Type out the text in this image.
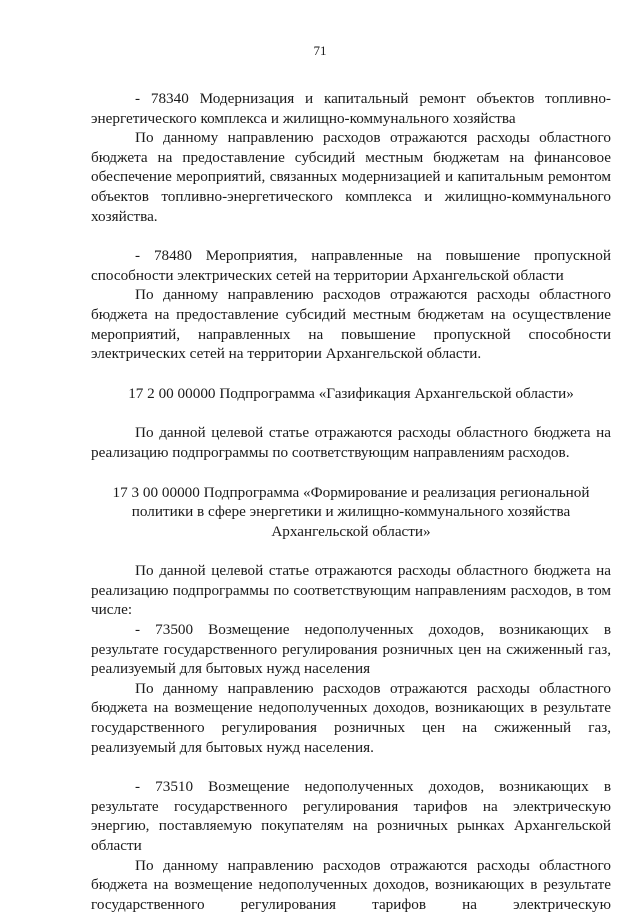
71

- 78340 Модернизация и капитальный ремонт объектов топливно-энергетического комплекса и жилищно-коммунального хозяйства

По данному направлению расходов отражаются расходы областного бюджета на предоставление субсидий местным бюджетам на финансовое обеспечение мероприятий, связанных модернизацией и капитальным ремонтом объектов топливно-энергетического комплекса и жилищно-коммунального хозяйства.

- 78480 Мероприятия, направленные на повышение пропускной способности электрических сетей на территории Архангельской области

По данному направлению расходов отражаются расходы областного бюджета на предоставление субсидий местным бюджетам на осуществление мероприятий, направленных на повышение пропускной способности электрических сетей на территории Архангельской области.

17 2 00 00000 Подпрограмма «Газификация Архангельской области»

По данной целевой статье отражаются расходы областного бюджета на реализацию подпрограммы по соответствующим направлениям расходов.

17 3 00 00000 Подпрограмма «Формирование и реализация региональной политики в сфере энергетики и жилищно-коммунального хозяйства Архангельской области»

По данной целевой статье отражаются расходы областного бюджета на реализацию подпрограммы по соответствующим направлениям расходов, в том числе:

- 73500 Возмещение недополученных доходов, возникающих в результате государственного регулирования розничных цен на сжиженный газ, реализуемый для бытовых нужд населения

По данному направлению расходов отражаются расходы областного бюджета на возмещение недополученных доходов, возникающих в результате государственного регулирования розничных цен на сжиженный газ, реализуемый для бытовых нужд населения.

- 73510 Возмещение недополученных доходов, возникающих в результате государственного регулирования тарифов на электрическую энергию, поставляемую покупателям на розничных рынках Архангельской области

По данному направлению расходов отражаются расходы областного бюджета на возмещение недополученных доходов, возникающих в результате государственного регулирования тарифов на электрическую
